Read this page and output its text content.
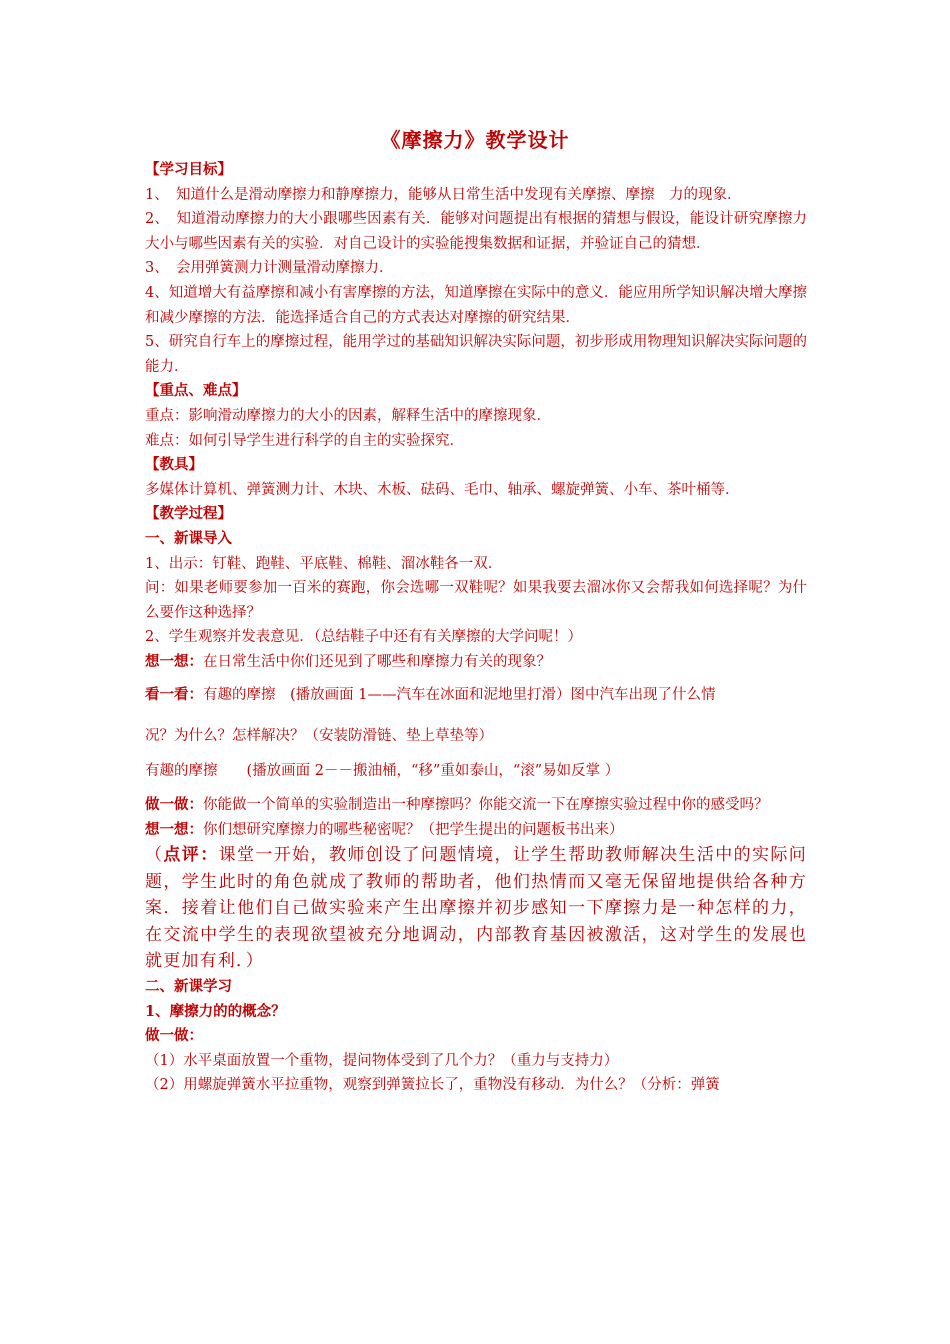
《摩擦力》教学设计

【学习目标】

1、　知道什么是滑动摩擦力和静摩擦力，能够从日常生活中发现有关摩擦、摩擦　力的现象．

2、　知道滑动摩擦力的大小跟哪些因素有关．能够对问题提出有根据的猜想与假设，能设计研究摩擦力大小与哪些因素有关的实验．对自己设计的实验能搜集数据和证据，并验证自己的猜想．

3、　会用弹簧测力计测量滑动摩擦力．

4、知道增大有益摩擦和减小有害摩擦的方法，知道摩擦在实际中的意义．能应用所学知识解决增大摩擦和减少摩擦的方法．能选择适合自己的方式表达对摩擦的研究结果．

5、研究自行车上的摩擦过程，能用学过的基础知识解决实际问题，初步形成用物理知识解决实际问题的能力．

【重点、难点】

重点：影响滑动摩擦力的大小的因素，解释生活中的摩擦现象．

难点：如何引导学生进行科学的自主的实验探究．

【教具】

多媒体计算机、弹簧测力计、木块、木板、砝码、毛巾、轴承、螺旋弹簧、小车、茶叶桶等．

【教学过程】

一、新课导入

1、出示：钉鞋、跑鞋、平底鞋、棉鞋、溜冰鞋各一双．

问：如果老师要参加一百米的赛跑，你会选哪一双鞋呢？如果我要去溜冰你又会帮我如何选择呢？为什么要作这种选择？

2、学生观察并发表意见．（总结鞋子中还有有关摩擦的大学问呢！）

想一想：在日常生活中你们还见到了哪些和摩擦力有关的现象？

看一看：有趣的摩擦　(播放画面 1——汽车在冰面和泥地里打滑）图中汽车出现了什么情

况？为什么？怎样解决？（安装防滑链、垫上草垫等）

有趣的摩擦　　(播放画面 2－－搬油桶，“移”重如泰山，“滚”易如反掌 ）

做一做：你能做一个简单的实验制造出一种摩擦吗？你能交流一下在摩擦实验过程中你的感受吗？

想一想：你们想研究摩擦力的哪些秘密呢？（把学生提出的问题板书出来）

（点评：课堂一开始，教师创设了问题情境，让学生帮助教师解决生活中的实际问题，学生此时的角色就成了教师的帮助者，他们热情而又毫无保留地提供给各种方案．接着让他们自己做实验来产生出摩擦并初步感知一下摩擦力是一种怎样的力，在交流中学生的表现欲望被充分地调动，内部教育基因被激活，这对学生的发展也就更加有利．）

二、新课学习

1、摩擦力的的概念？

做一做：

（1）水平桌面放置一个重物，提问物体受到了几个力？（重力与支持力）

（2）用螺旋弹簧水平拉重物，观察到弹簧拉长了，重物没有移动．为什么？（分析：弹簧
